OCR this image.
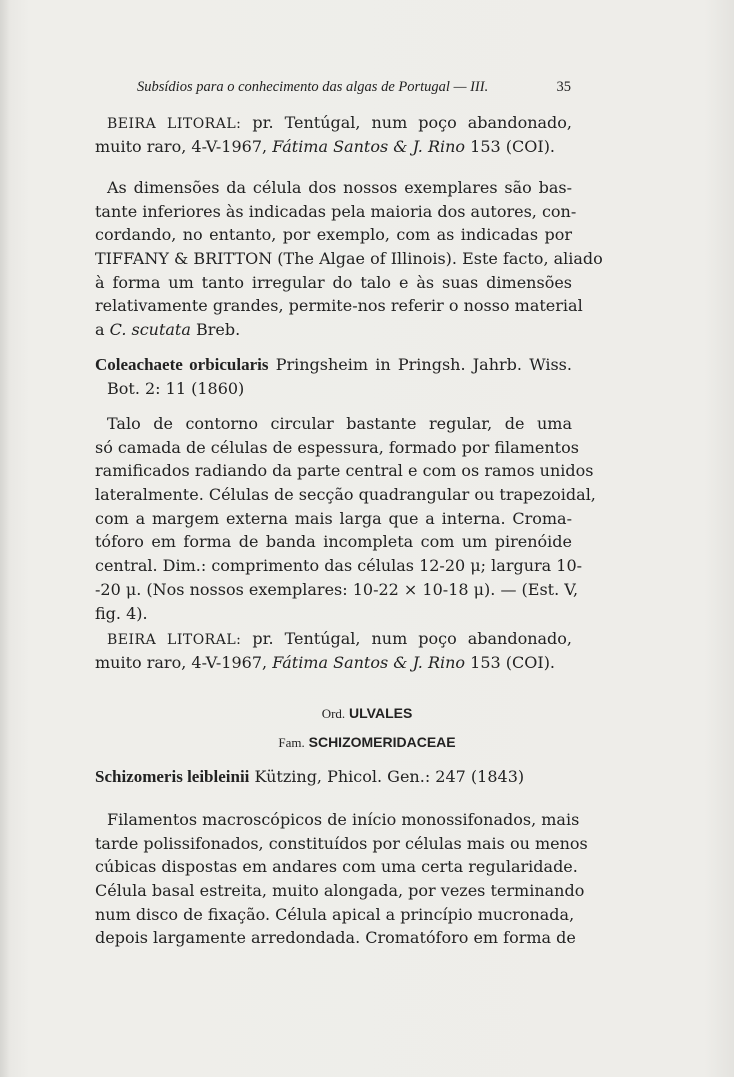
Subsídios para o conhecimento das algas de Portugal — III.	35
BEIRA LITORAL: pr. Tentúgal, num poço abandonado,
muito raro, 4-V-1967, Fátima Santos & J. Rino 153 (COI).
As dimensões da célula dos nossos exemplares são bas-
tante inferiores às indicadas pela maioria dos autores, con-
cordando, no entanto, por exemplo, com as indicadas por
TIFFANY & BRITTON (The Algae of Illinois). Este facto, aliado
à forma um tanto irregular do talo e às suas dimensões
relativamente grandes, permite-nos referir o nosso material
a C. scutata Breb.
Coleachaete orbicularis Pringsheim in Pringsh. Jahrb. Wiss.
Bot. 2: 11 (1860)
Talo de contorno circular bastante regular, de uma
só camada de células de espessura, formado por filamentos
ramificados radiando da parte central e com os ramos unidos
lateralmente. Células de secção quadrangular ou trapezoidal,
com a margem externa mais larga que a interna. Croma-
tóforo em forma de banda incompleta com um pirenóide
central. Dim.: comprimento das células 12-20 μ; largura 10-
-20 μ. (Nos nossos exemplares: 10-22 × 10-18 μ). — (Est. V,
fig. 4).
BEIRA LITORAL: pr. Tentúgal, num poço abandonado,
muito raro, 4-V-1967, Fátima Santos & J. Rino 153 (COI).
Ord. ULVALES
Fam. SCHIZOMERIDACEAE
Schizomeris leibleinii Kützing, Phicol. Gen.: 247 (1843)
Filamentos macroscópicos de início monossifonados, mais
tarde polissifonados, constituídos por células mais ou menos
cúbicas dispostas em andares com uma certa regularidade.
Célula basal estreita, muito alongada, por vezes terminando
num disco de fixação. Célula apical a princípio mucronada,
depois largamente arredondada. Cromatóforo em forma de
